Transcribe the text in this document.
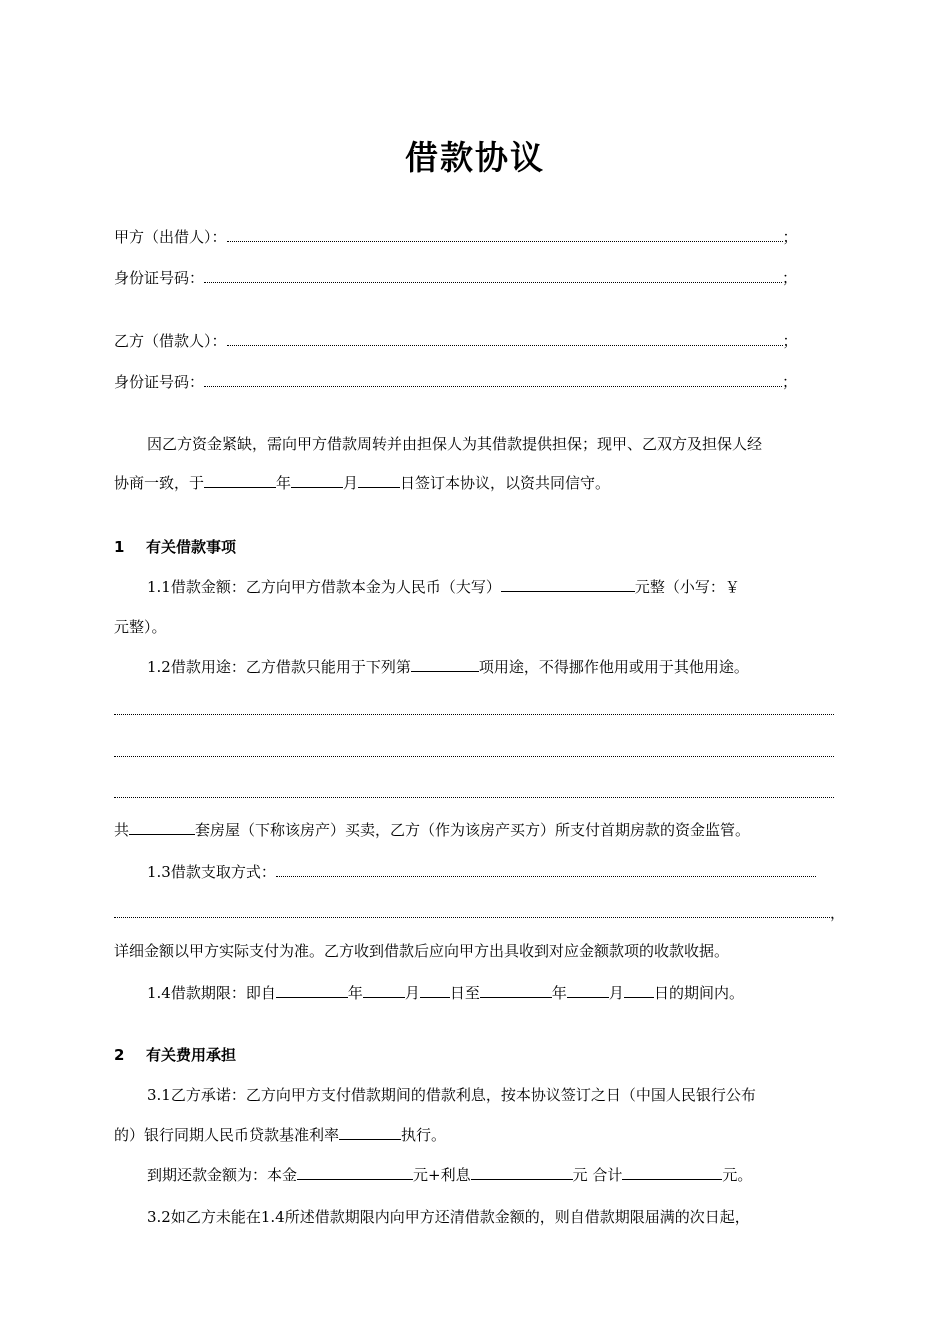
借款协议
甲方（出借人）：	；
身份证号码：	；
乙方（借款人）：	；
身份证号码：	；
因乙方资金紧缺，需向甲方借款周转并由担保人为其借款提供担保；现甲、乙双方及担保人经
协商一致，于	年	月	日签订本协议，以资共同信守。
1 有关借款事项
1.1借款金额：乙方向甲方借款本金为人民币（大写）	元整（小写：￥
元整）。
1.2借款用途：乙方借款只能用于下列第	项用途，不得挪作他用或用于其他用途。
共	套房屋（下称该房产）买卖，乙方（作为该房产买方）所支付首期房款的资金监管。
1.3借款支取方式：
，
详细金额以甲方实际支付为准。乙方收到借款后应向甲方出具收到对应金额款项的收款收据。
1.4借款期限：即自	年	月 日至	年	月 日的期间内。
2 有关费用承担
3.1乙方承诺：乙方向甲方支付借款期间的借款利息，按本协议签订之日（中国人民银行公布
的）银行同期人民币贷款基准利率	执行。
到期还款金额为：本金	元+利息	元 合计	元。
3.2如乙方未能在1.4所述借款期限内向甲方还清借款金额的，则自借款期限届满的次日起，
